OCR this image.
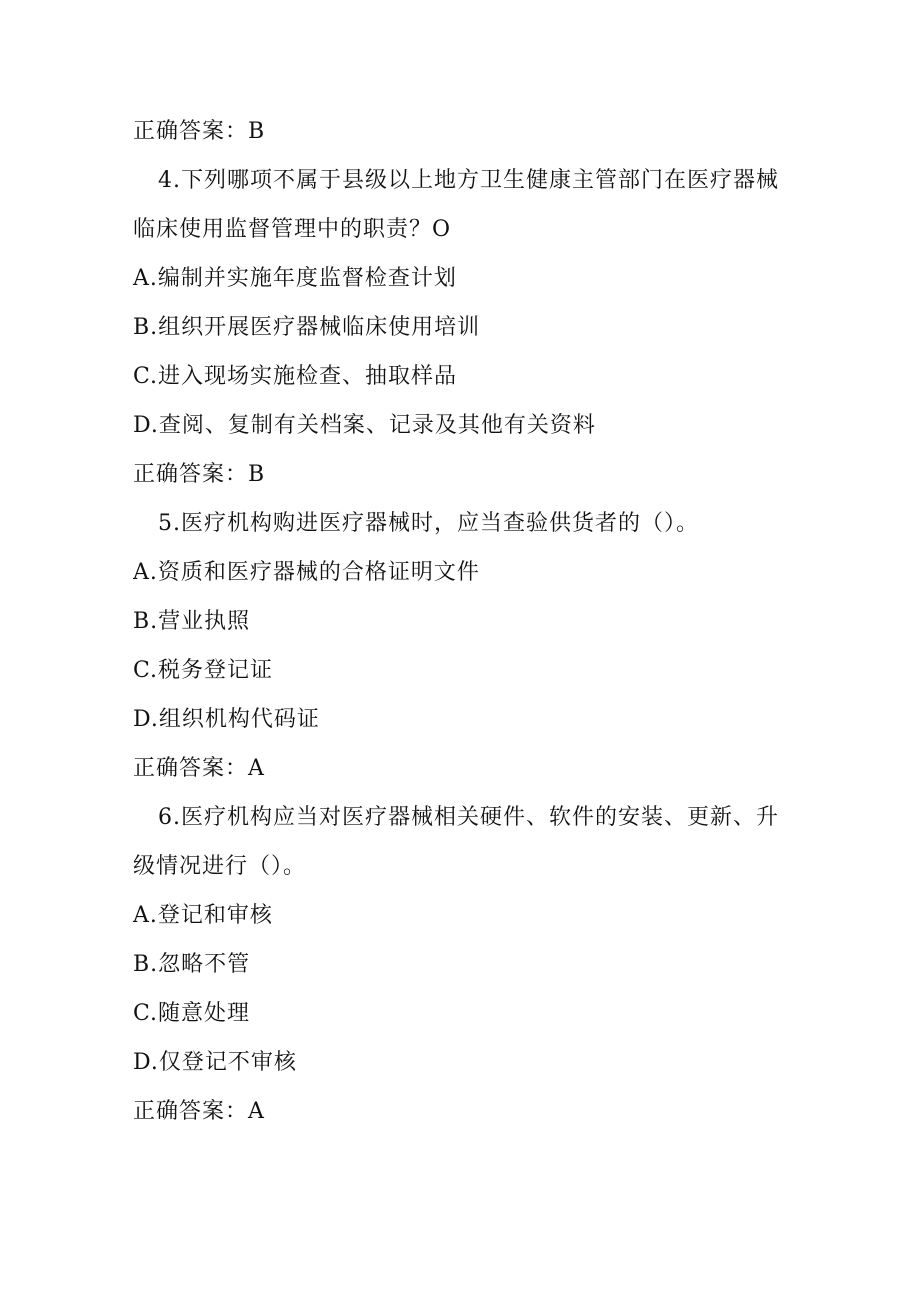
正确答案：B
4.下列哪项不属于县级以上地方卫生健康主管部门在医疗器械
临床使用监督管理中的职责？O
A.编制并实施年度监督检查计划
B.组织开展医疗器械临床使用培训
C.进入现场实施检查、抽取样品
D.查阅、复制有关档案、记录及其他有关资料
正确答案：B
5.医疗机构购进医疗器械时，应当查验供货者的（）。
A.资质和医疗器械的合格证明文件
B.营业执照
C.税务登记证
D.组织机构代码证
正确答案：A
6.医疗机构应当对医疗器械相关硬件、软件的安装、更新、升
级情况进行（）。
A.登记和审核
B.忽略不管
C.随意处理
D.仅登记不审核
正确答案：A
